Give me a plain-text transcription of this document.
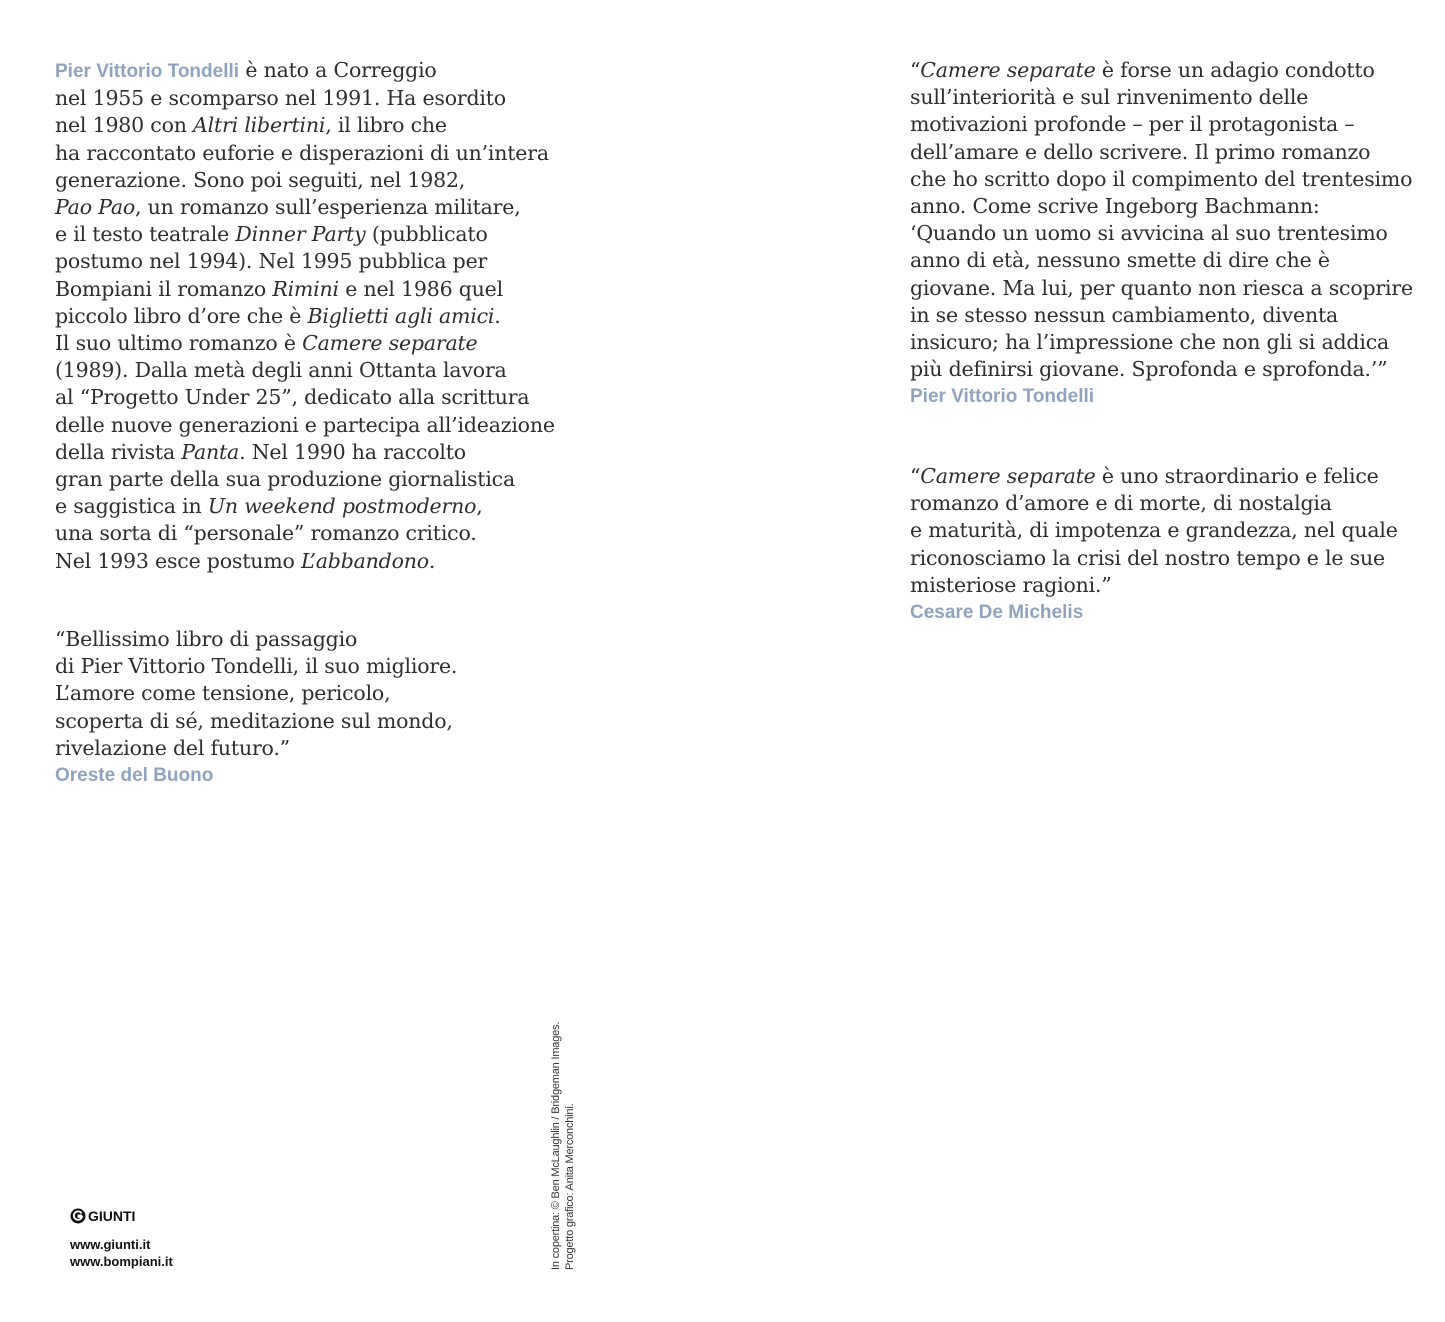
Pier Vittorio Tondelli è nato a Correggio
nel 1955 e scomparso nel 1991. Ha esordito
nel 1980 con Altri libertini, il libro che
ha raccontato euforie e disperazioni di un’intera
generazione. Sono poi seguiti, nel 1982,
Pao Pao, un romanzo sull’esperienza militare,
e il testo teatrale Dinner Party (pubblicato
postumo nel 1994). Nel 1995 pubblica per
Bompiani il romanzo Rimini e nel 1986 quel
piccolo libro d’ore che è Biglietti agli amici.
Il suo ultimo romanzo è Camere separate
(1989). Dalla metà degli anni Ottanta lavora
al “Progetto Under 25”, dedicato alla scrittura
delle nuove generazioni e partecipa all’ideazione
della rivista Panta. Nel 1990 ha raccolto
gran parte della sua produzione giornalistica
e saggistica in Un weekend postmoderno,
una sorta di “personale” romanzo critico.
Nel 1993 esce postumo L’abbandono.
“Bellissimo libro di passaggio
di Pier Vittorio Tondelli, il suo migliore.
L’amore come tensione, pericolo,
scoperta di sé, meditazione sul mondo,
rivelazione del futuro.”
Oreste del Buono
“Camere separate è forse un adagio condotto
sull’interiorità e sul rinvenimento delle
motivazioni profonde – per il protagonista –
dell’amare e dello scrivere. Il primo romanzo
che ho scritto dopo il compimento del trentesimo
anno. Come scrive Ingeborg Bachmann:
‘Quando un uomo si avvicina al suo trentesimo
anno di età, nessuno smette di dire che è
giovane. Ma lui, per quanto non riesca a scoprire
in se stesso nessun cambiamento, diventa
insicuro; ha l’impressione che non gli si addica
più definirsi giovane. Sprofonda e sprofonda.’”
Pier Vittorio Tondelli
“Camere separate è uno straordinario e felice
romanzo d’amore e di morte, di nostalgia
e maturità, di impotenza e grandezza, nel quale
riconosciamo la crisi del nostro tempo e le sue
misteriose ragioni.”
Cesare De Michelis
In copertina: © Ben McLaughlin / Bridgeman Images. Progetto grafico: Anita Merconchini.
GIUNTI
www.giunti.it
www.bompiani.it
